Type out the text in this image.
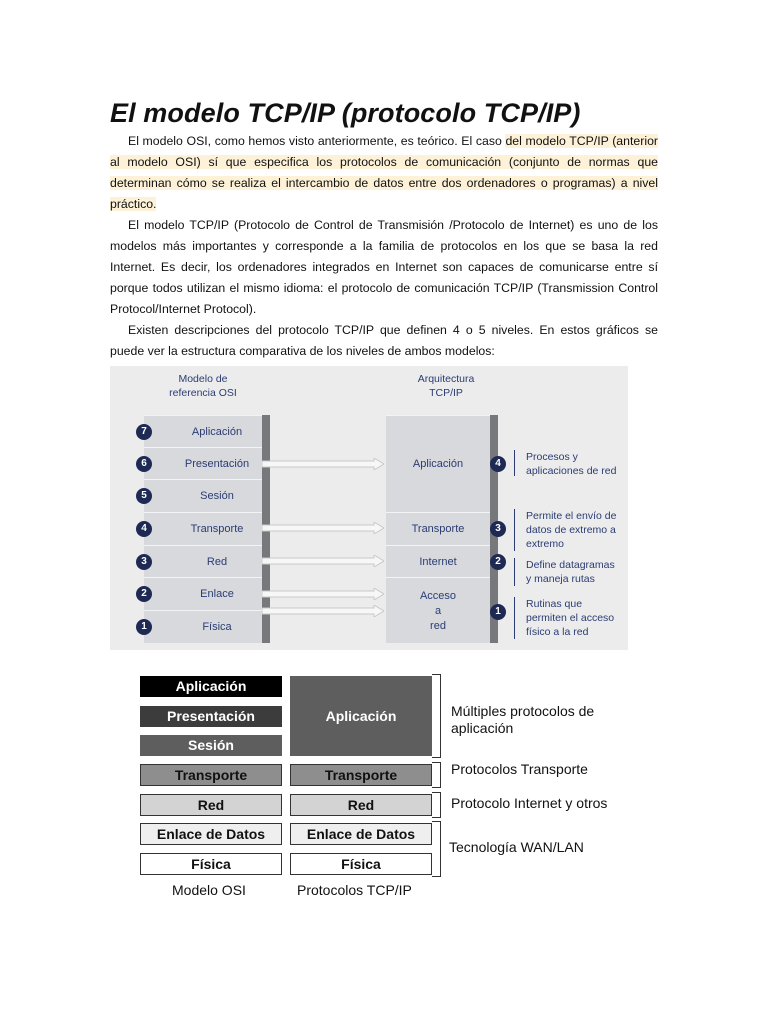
El modelo TCP/IP (protocolo TCP/IP)

El modelo OSI, como hemos visto anteriormente, es teórico. El caso del modelo TCP/IP (anterior al modelo OSI) sí que especifica los protocolos de comunicación (conjunto de normas que determinan cómo se realiza el intercambio de datos entre dos ordenadores o programas) a nivel práctico.

El modelo TCP/IP (Protocolo de Control de Transmisión /Protocolo de Internet) es uno de los modelos más importantes y corresponde a la familia de protocolos en los que se basa la red Internet. Es decir, los ordenadores integrados en Internet son capaces de comunicarse entre sí porque todos utilizan el mismo idioma: el protocolo de comunicación TCP/IP (Transmission Control Protocol/Internet Protocol).

Existen descripciones del protocolo TCP/IP que definen 4 o 5 niveles. En estos gráficos se puede ver la estructura comparativa de los niveles de ambos modelos:

Modelo de
referencia OSI
Arquitectura
TCP/IP
7	Aplicación
6	Presentación
5	Sesión
4	Transporte
3	Red
2	Enlace
1	Física
Aplicación	4
Transporte	3
Internet	2
Acceso
a
red
1
Procesos y
aplicaciones de red
Permite el envío de
datos de extremo a
extremo
Define datagramas
y maneja rutas
Rutinas que
permiten el acceso
físico a la red
Aplicación
Presentación
Sesión
Transporte
Red
Enlace de Datos
Física
Aplicación
Transporte
Red
Enlace de Datos
Física
Múltiples protocolos de
aplicación
Protocolos Transporte
Protocolo Internet y otros
Tecnología WAN/LAN
Modelo OSI	Protocolos TCP/IP
